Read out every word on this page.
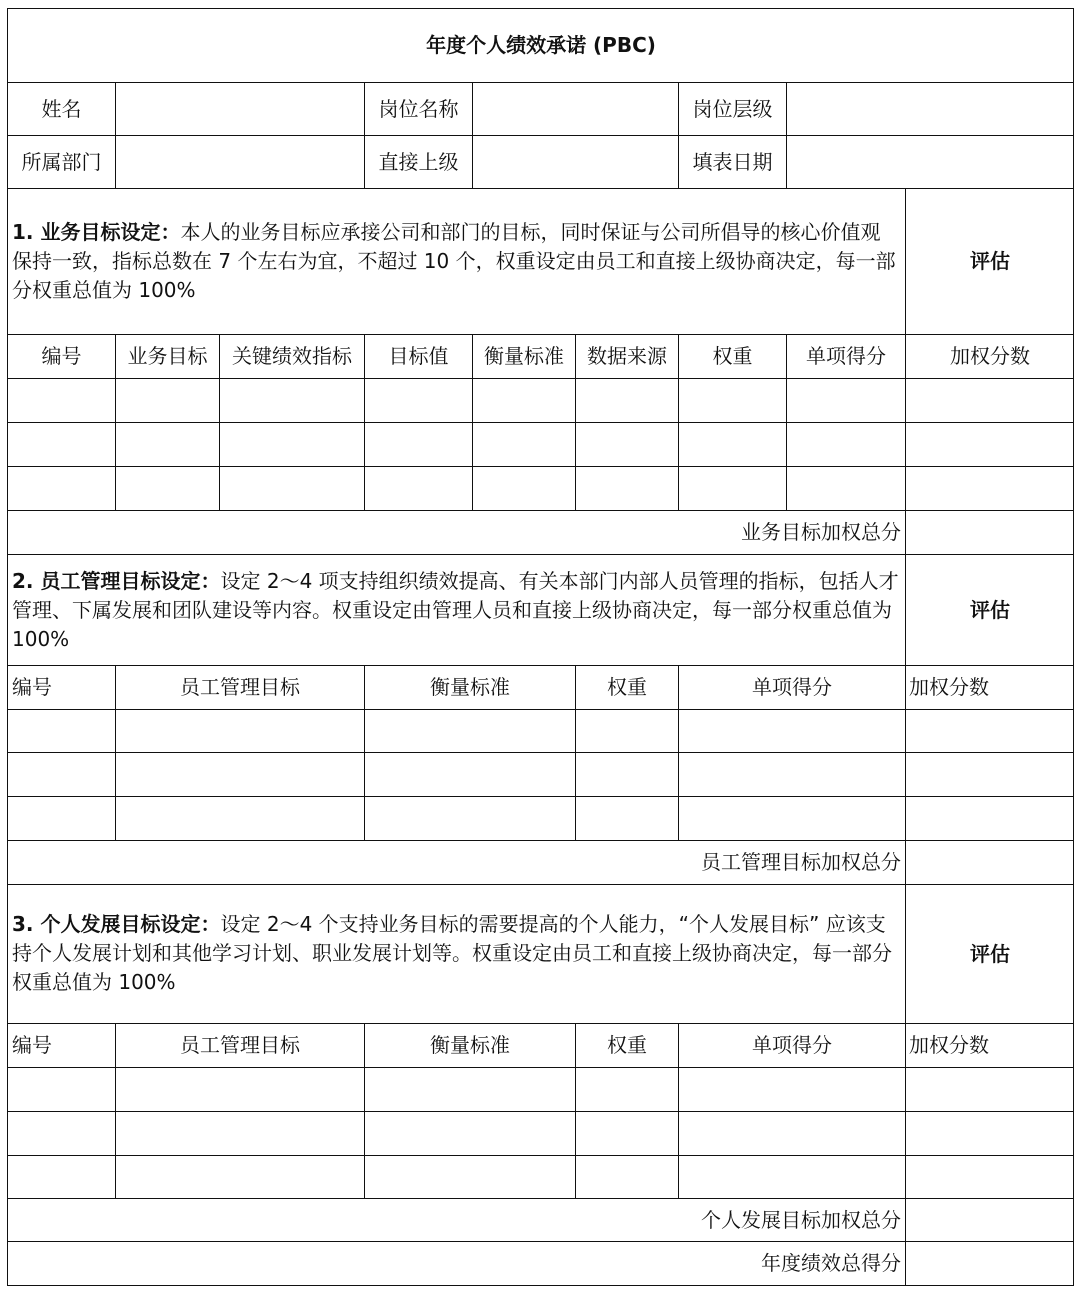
年度个人绩效承诺 (PBC)
姓名	岗位名称	岗位层级
所属部门	直接上级	填表日期
1. 业务目标设定：本人的业务目标应承接公司和部门的目标，同时保证与公司所倡导的核心价值观保持一致，指标总数在 7 个左右为宜，不超过 10 个，权重设定由员工和直接上级协商决定，每一部分权重总值为 100%
评估
编号	业务目标	关键绩效指标	目标值	衡量标准	数据来源	权重	单项得分	加权分数
业务目标加权总分
2. 员工管理目标设定：设定 2～4 项支持组织绩效提高、有关本部门内部人员管理的指标，包括人才管理、下属发展和团队建设等内容。权重设定由管理人员和直接上级协商决定，每一部分权重总值为 100%
评估
编号	员工管理目标	衡量标准	权重	单项得分	加权分数
员工管理目标加权总分
3. 个人发展目标设定：设定 2～4 个支持业务目标的需要提高的个人能力，“个人发展目标” 应该支持个人发展计划和其他学习计划、职业发展计划等。权重设定由员工和直接上级协商决定，每一部分权重总值为 100%
评估
编号	员工管理目标	衡量标准	权重	单项得分	加权分数
个人发展目标加权总分
年度绩效总得分
